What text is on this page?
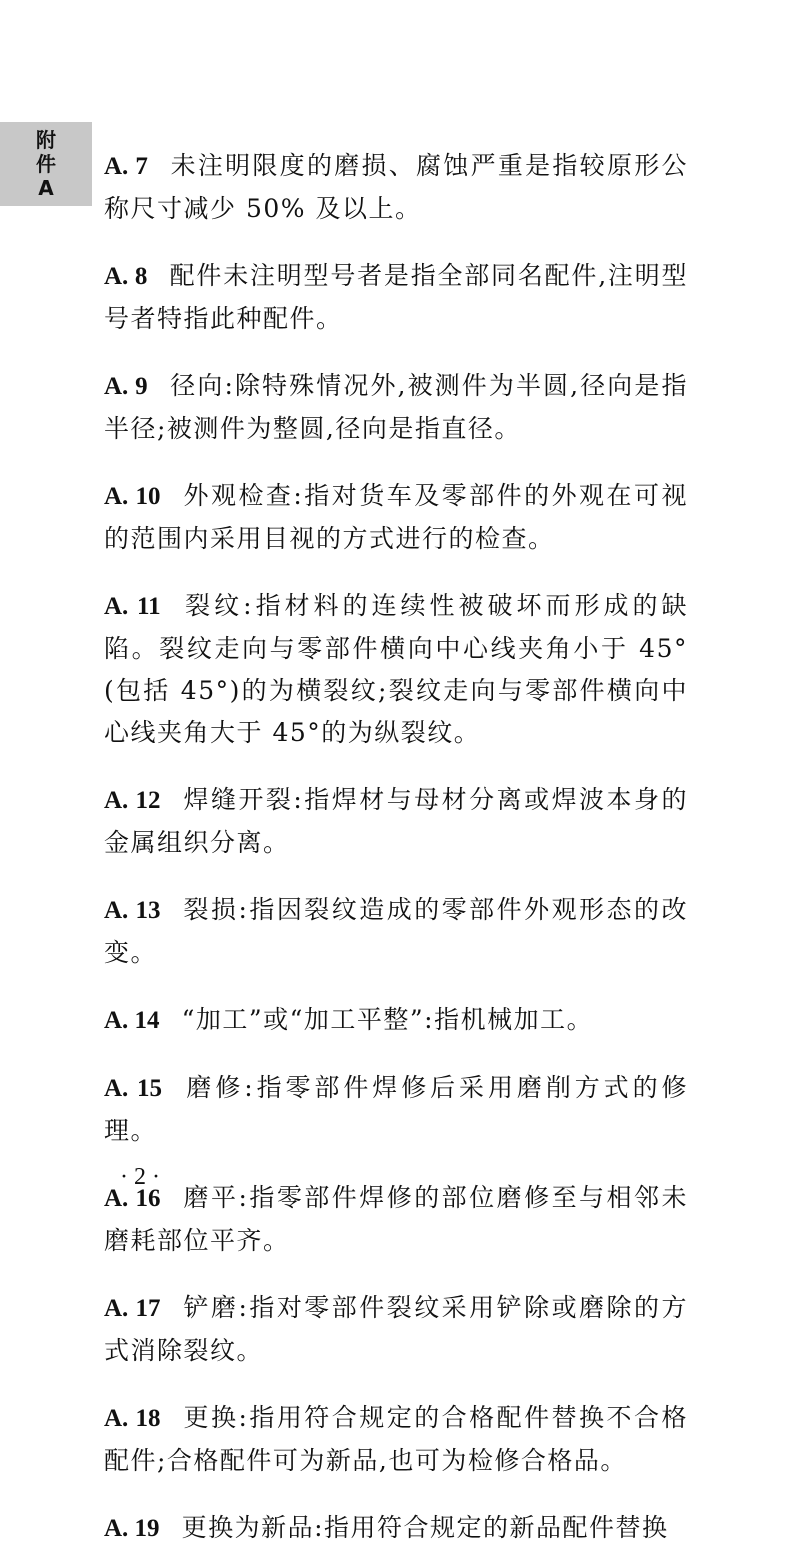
附
件
A

A. 7 未注明限度的磨损、腐蚀严重是指较原形公称尺寸减少 50% 及以上。

A. 8 配件未注明型号者是指全部同名配件,注明型号者特指此种配件。

A. 9 径向:除特殊情况外,被测件为半圆,径向是指半径;被测件为整圆,径向是指直径。

A. 10 外观检查:指对货车及零部件的外观在可视的范围内采用目视的方式进行的检查。

A. 11 裂纹:指材料的连续性被破坏而形成的缺陷。裂纹走向与零部件横向中心线夹角小于 45°(包括 45°)的为横裂纹;裂纹走向与零部件横向中心线夹角大于 45°的为纵裂纹。

A. 12 焊缝开裂:指焊材与母材分离或焊波本身的金属组织分离。

A. 13 裂损:指因裂纹造成的零部件外观形态的改变。

A. 14 “加工”或“加工平整”:指机械加工。

A. 15 磨修:指零部件焊修后采用磨削方式的修理。

A. 16 磨平:指零部件焊修的部位磨修至与相邻未磨耗部位平齐。

A. 17 铲磨:指对零部件裂纹采用铲除或磨除的方式消除裂纹。

A. 18 更换:指用符合规定的合格配件替换不合格配件;合格配件可为新品,也可为检修合格品。

A. 19 更换为新品:指用符合规定的新品配件替换

· 2 ·
